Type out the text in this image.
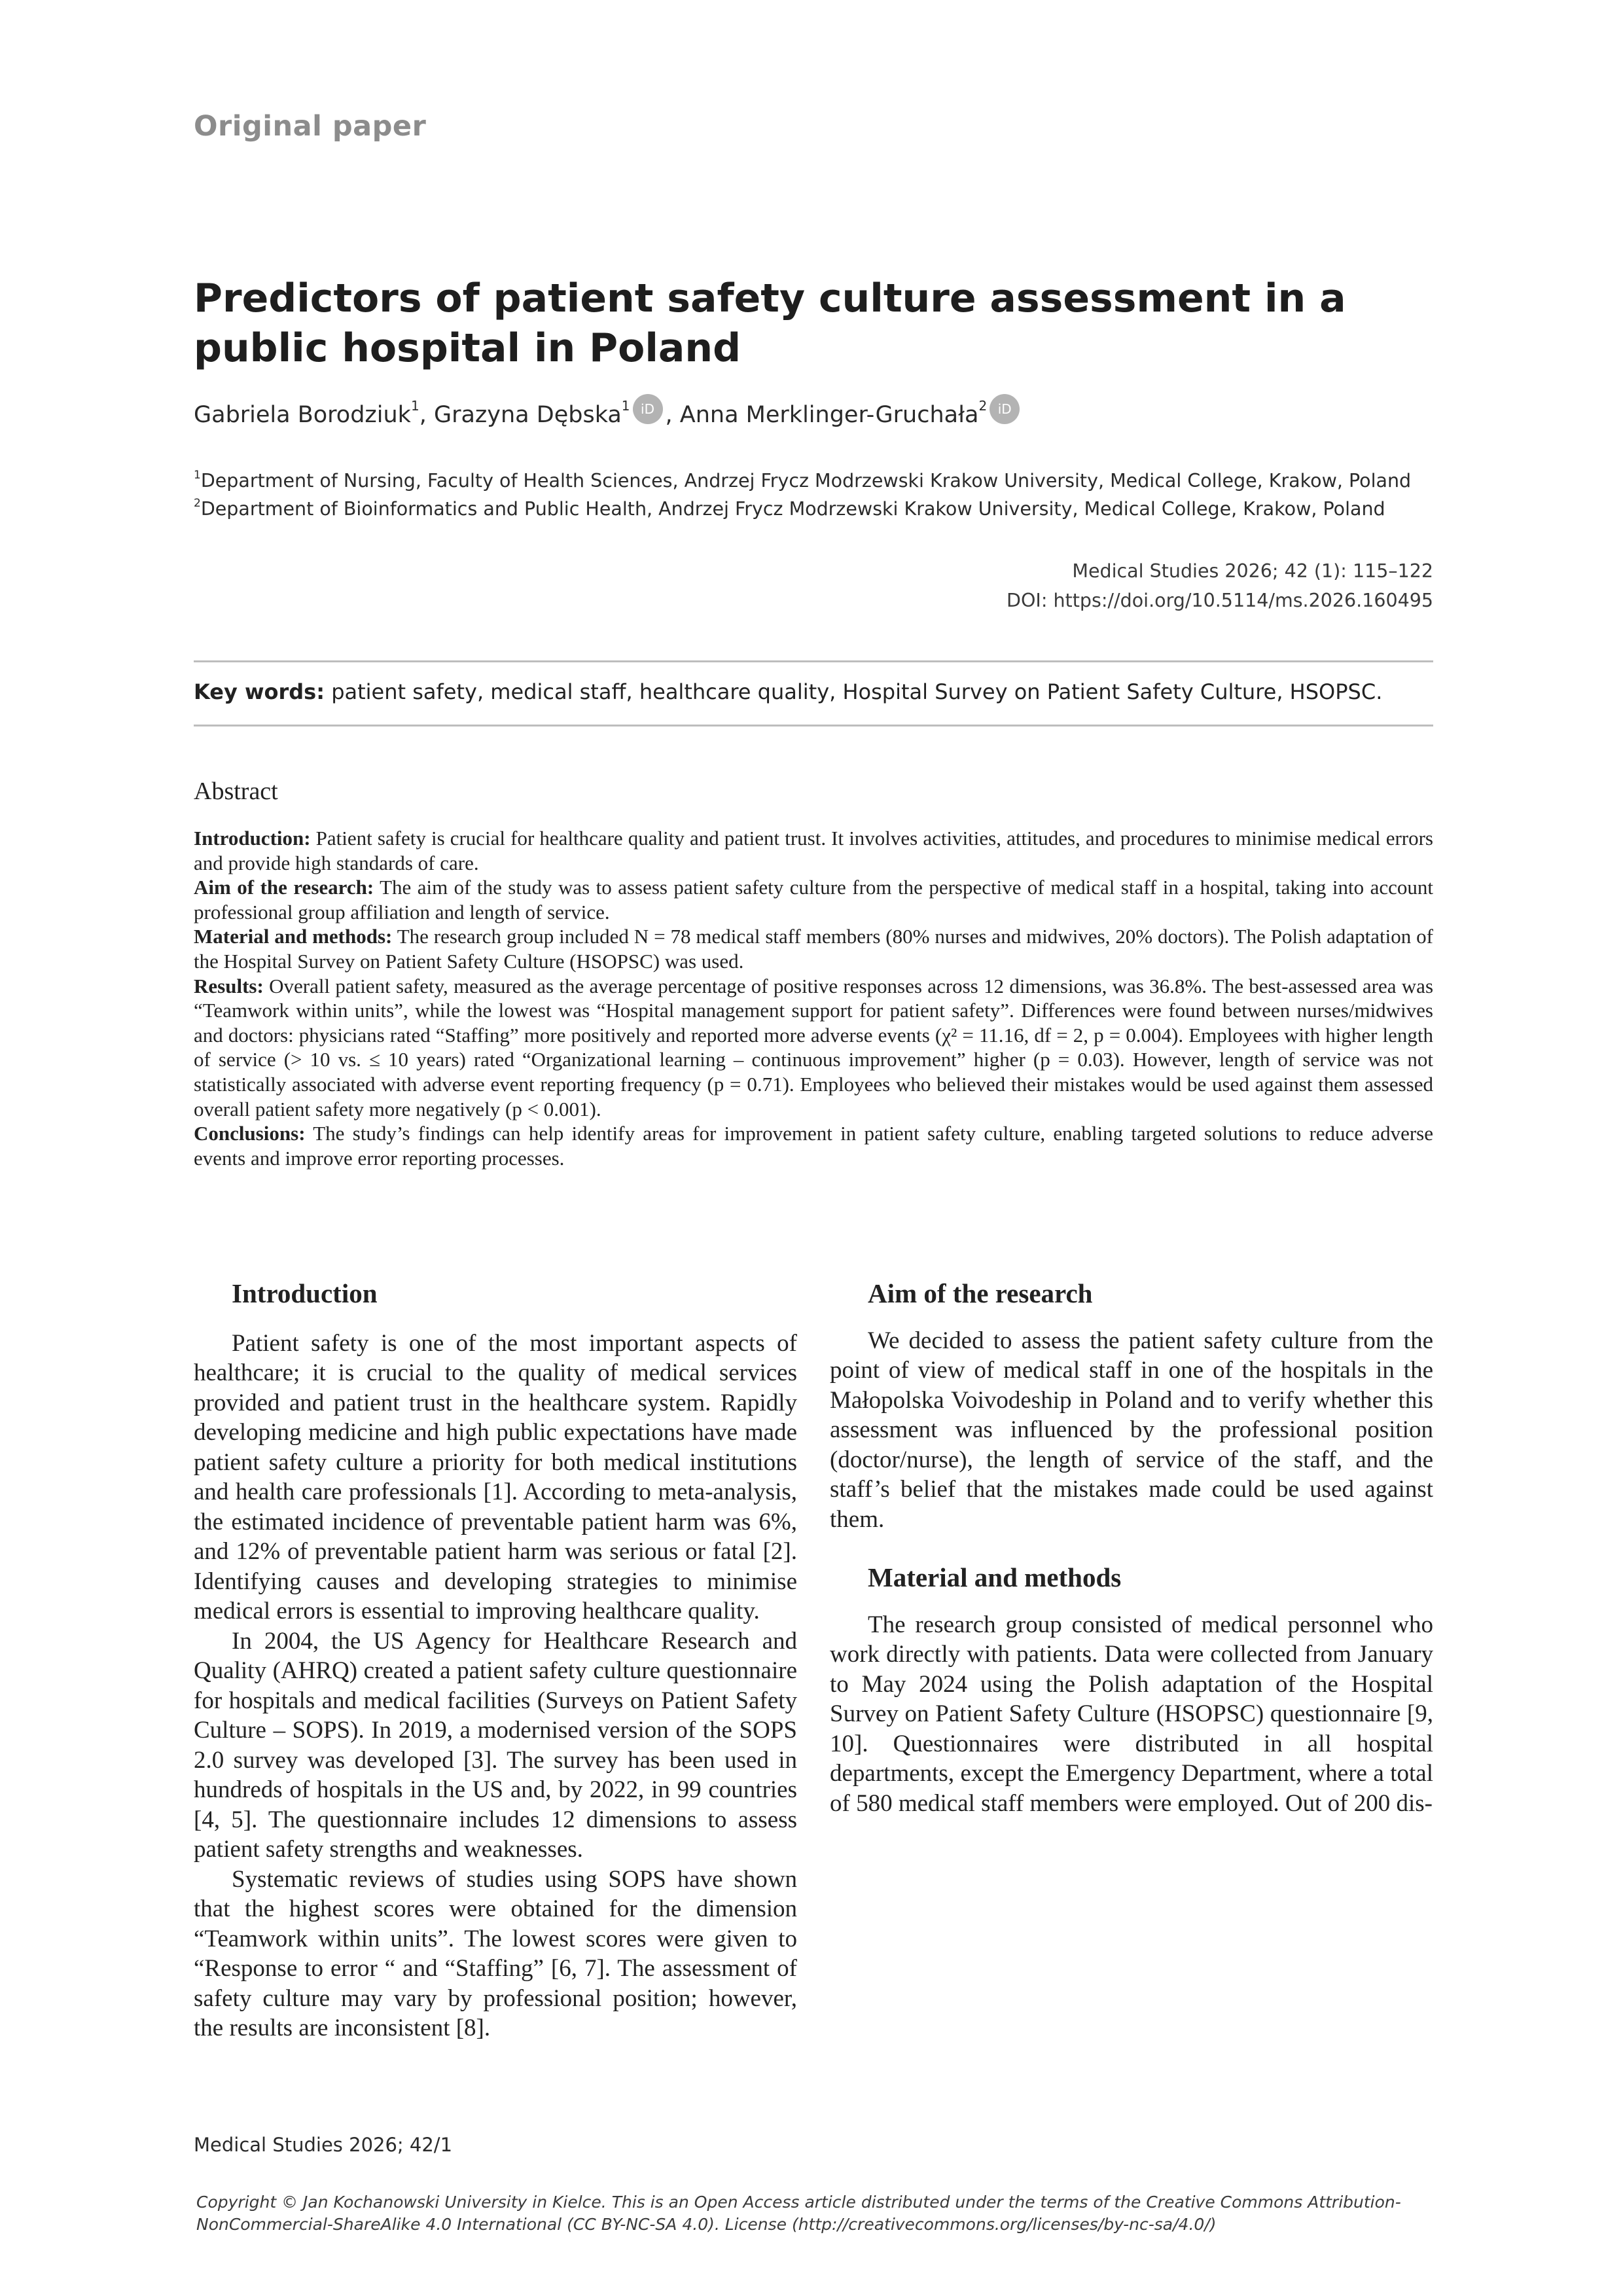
Original paper
Predictors of patient safety culture assessment in a public hospital in Poland
Gabriela Borodziuk$^1$, Grazyna Dębska$^1$ iD , Anna Merklinger-Gruchała$^2$ iD
$^1$Department of Nursing, Faculty of Health Sciences, Andrzej Frycz Modrzewski Krakow University, Medical College, Krakow, Poland
$^2$Department of Bioinformatics and Public Health, Andrzej Frycz Modrzewski Krakow University, Medical College, Krakow, Poland
Medical Studies 2026; 42 (1): 115–122
DOI: https://doi.org/10.5114/ms.2026.160495
Key words: patient safety, medical staff, healthcare quality, Hospital Survey on Patient Safety Culture, HSOPSC.
Abstract

Introduction: Patient safety is crucial for healthcare quality and patient trust. It involves activities, attitudes, and procedures to minimise medical errors and provide high standards of care.

Aim of the research: The aim of the study was to assess patient safety culture from the perspective of medical staff in a hospital, taking into account professional group affiliation and length of service.

Material and methods: The research group included N = 78 medical staff members (80% nurses and midwives, 20% doctors). The Polish adaptation of the Hospital Survey on Patient Safety Culture (HSOPSC) was used.

Results: Overall patient safety, measured as the average percentage of positive responses across 12 dimensions, was 36.8%. The best-assessed area was “Teamwork within units”, while the lowest was “Hospital management support for patient safety”. Differences were found between nurses/midwives and doctors: physicians rated “Staffing” more positively and reported more adverse events (χ² = 11.16, df = 2, p = 0.004). Employees with higher length of service (> 10 vs. ≤ 10 years) rated “Organizational learning – continuous improvement” higher (p = 0.03). However, length of service was not statistically associated with adverse event reporting frequency (p = 0.71). Employees who believed their mistakes would be used against them assessed overall patient safety more negatively (p < 0.001).

Conclusions: The study’s findings can help identify areas for improvement in patient safety culture, enabling targeted solutions to reduce adverse events and improve error reporting processes.

Introduction

Patient safety is one of the most important aspects of healthcare; it is crucial to the quality of medical services provided and patient trust in the healthcare system. Rapidly developing medicine and high public expectations have made patient safety culture a priority for both medical institutions and health care professionals [1]. According to meta-analysis, the estimated incidence of preventable patient harm was 6%, and 12% of preventable patient harm was serious or fatal [2]. Identifying causes and developing strategies to minimise medical errors is essential to improving healthcare quality.

In 2004, the US Agency for Healthcare Research and Quality (AHRQ) created a patient safety culture questionnaire for hospitals and medical facilities (Surveys on Patient Safety Culture – SOPS). In 2019, a modernised version of the SOPS 2.0 survey was developed [3]. The survey has been used in hundreds of hospitals in the US and, by 2022, in 99 countries [4, 5]. The questionnaire includes 12 dimensions to assess patient safety strengths and weaknesses.

Systematic reviews of studies using SOPS have shown that the highest scores were obtained for the dimension “Teamwork within units”. The lowest scores were given to “Response to error “ and “Staffing” [6, 7]. The assessment of safety culture may vary by professional position; however, the results are inconsistent [8].

Aim of the research

We decided to assess the patient safety culture from the point of view of medical staff in one of the hospitals in the Małopolska Voivodeship in Poland and to verify whether this assessment was influenced by the professional position (doctor/nurse), the length of service of the staff, and the staff’s belief that the mistakes made could be used against them.

Material and methods

The research group consisted of medical personnel who work directly with patients. Data were collected from January to May 2024 using the Polish adaptation of the Hospital Survey on Patient Safety Culture (HSOPSC) questionnaire [9, 10]. Questionnaires were distributed in all hospital departments, except the Emergency Department, where a total of 580 medical staff members were employed. Out of 200 dis-

Medical Studies 2026; 42/1
Copyright © Jan Kochanowski University in Kielce. This is an Open Access article distributed under the terms of the Creative Commons Attribution-NonCommercial-ShareAlike 4.0 International (CC BY-NC-SA 4.0). License (http://creativecommons.org/licenses/by-nc-sa/4.0/)
